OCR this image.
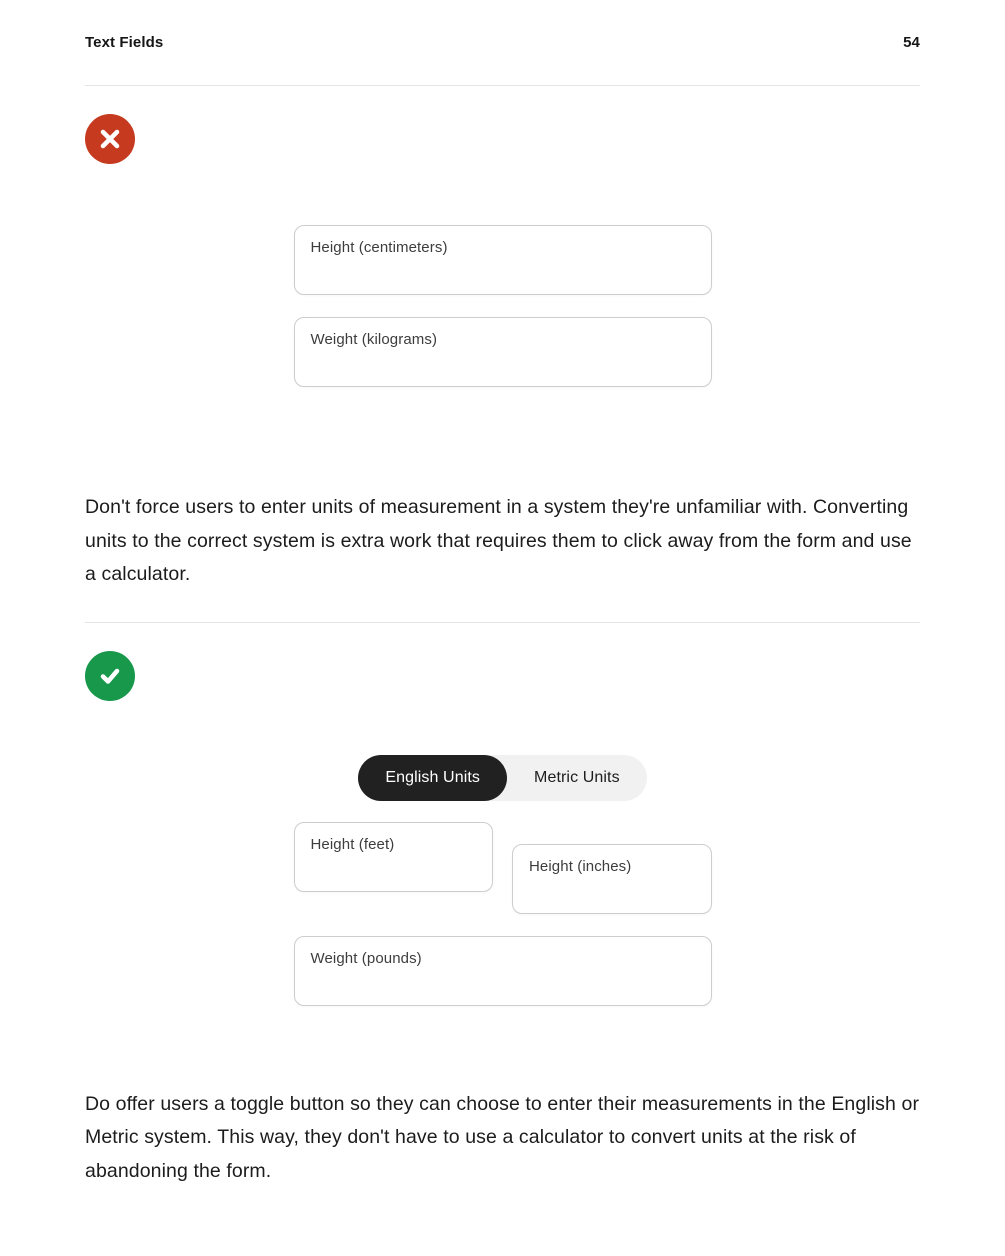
Text Fields	54
Height (centimeters)
Weight (kilograms)

Don't force users to enter units of measurement in a system they're unfamiliar with. Converting units to the correct system is extra work that requires them to click away from the form and use a calculator.

English Units	Metric Units
Height (feet)
Height (inches)
Weight (pounds)

Do offer users a toggle button so they can choose to enter their measurements in the English or Metric system. This way, they don't have to use a calculator to convert units at the risk of abandoning the form.
